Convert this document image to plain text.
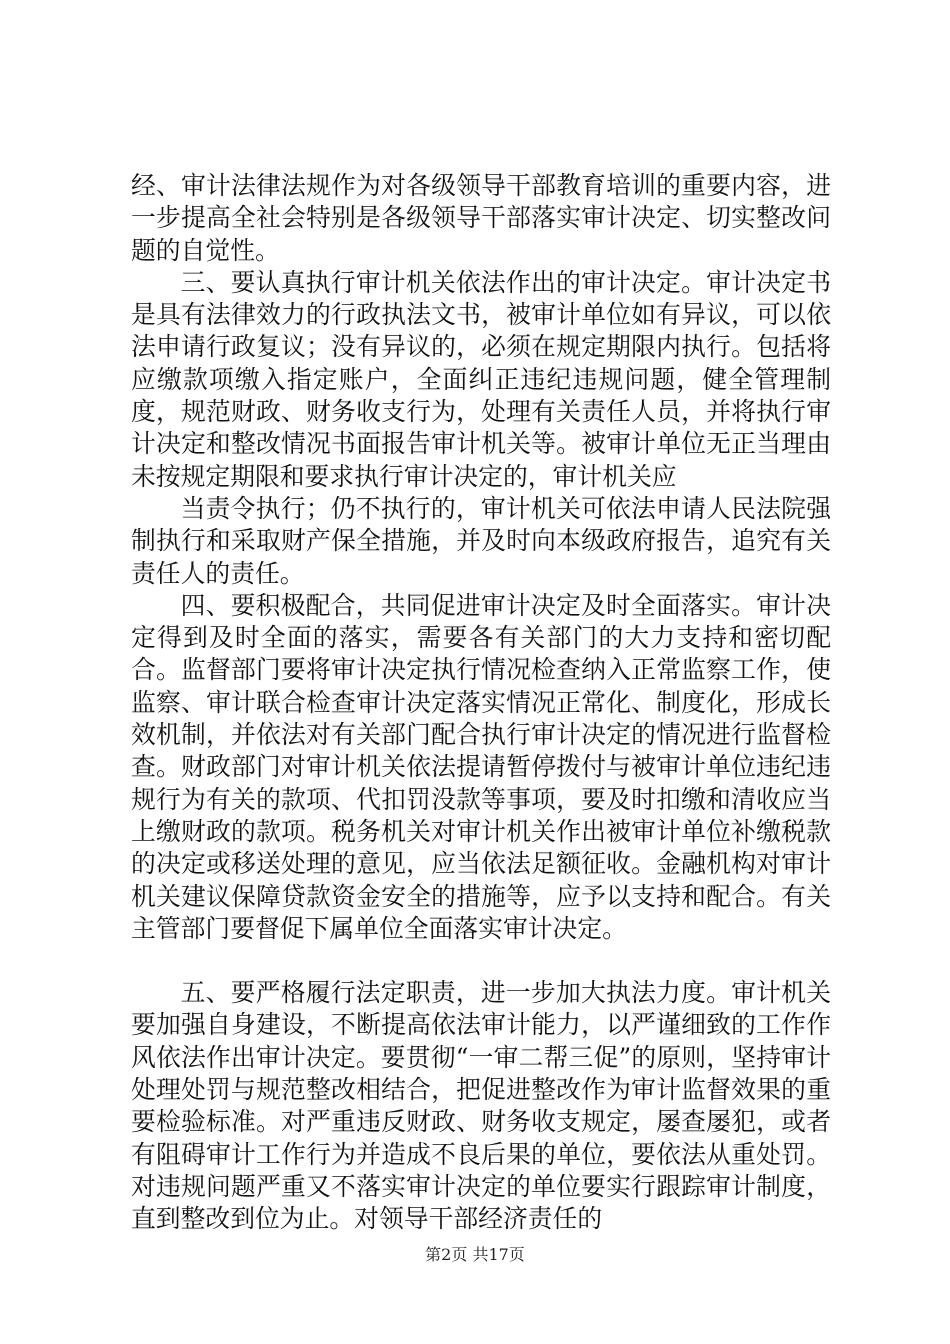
经、审计法律法规作为对各级领导干部教育培训的重要内容，进一步提高全社会特别是各级领导干部落实审计决定、切实整改问题的自觉性。

三、要认真执行审计机关依法作出的审计决定。审计决定书是具有法律效力的行政执法文书，被审计单位如有异议，可以依法申请行政复议；没有异议的，必须在规定期限内执行。包括将应缴款项缴入指定账户，全面纠正违纪违规问题，健全管理制度，规范财政、财务收支行为，处理有关责任人员，并将执行审计决定和整改情况书面报告审计机关等。被审计单位无正当理由未按规定期限和要求执行审计决定的，审计机关应

当责令执行；仍不执行的，审计机关可依法申请人民法院强制执行和采取财产保全措施，并及时向本级政府报告，追究有关责任人的责任。

四、要积极配合，共同促进审计决定及时全面落实。审计决定得到及时全面的落实，需要各有关部门的大力支持和密切配合。监督部门要将审计决定执行情况检查纳入正常监察工作，使监察、审计联合检查审计决定落实情况正常化、制度化，形成长效机制，并依法对有关部门配合执行审计决定的情况进行监督检查。财政部门对审计机关依法提请暂停拨付与被审计单位违纪违规行为有关的款项、代扣罚没款等事项，要及时扣缴和清收应当上缴财政的款项。税务机关对审计机关作出被审计单位补缴税款的决定或移送处理的意见，应当依法足额征收。金融机构对审计机关建议保障贷款资金安全的措施等，应予以支持和配合。有关主管部门要督促下属单位全面落实审计决定。

五、要严格履行法定职责，进一步加大执法力度。审计机关要加强自身建设，不断提高依法审计能力，以严谨细致的工作作风依法作出审计决定。要贯彻“一审二帮三促”的原则，坚持审计处理处罚与规范整改相结合，把促进整改作为审计监督效果的重要检验标准。对严重违反财政、财务收支规定，屡查屡犯，或者有阻碍审计工作行为并造成不良后果的单位，要依法从重处罚。对违规问题严重又不落实审计决定的单位要实行跟踪审计制度，直到整改到位为止。对领导干部经济责任的

第2页 共17页
